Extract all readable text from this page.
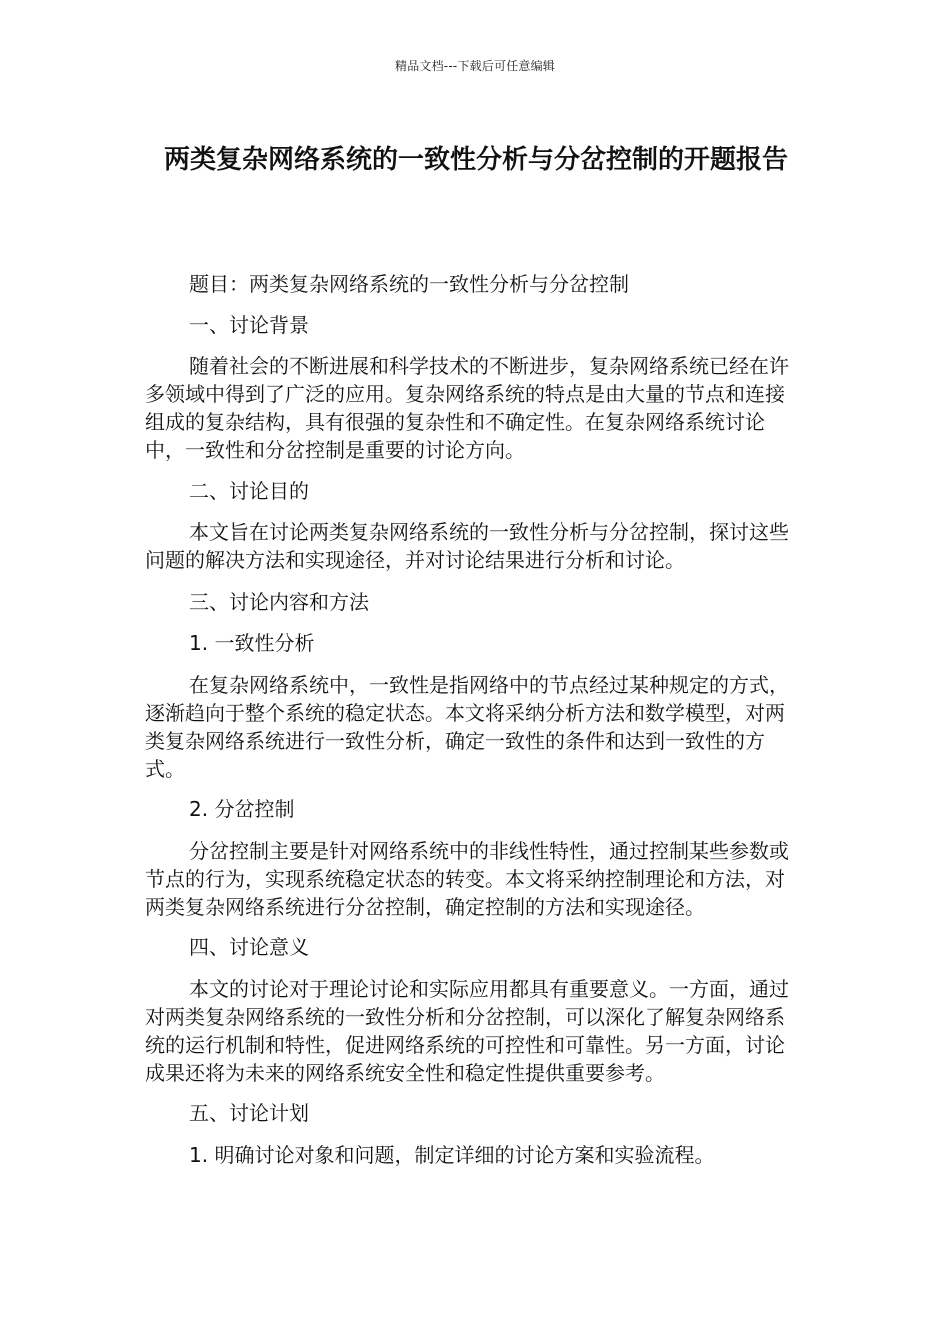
精品文档---下载后可任意编辑
两类复杂网络系统的一致性分析与分岔控制的开题报告

题目：两类复杂网络系统的一致性分析与分岔控制

一、讨论背景

随着社会的不断进展和科学技术的不断进步，复杂网络系统已经在许多领域中得到了广泛的应用。复杂网络系统的特点是由大量的节点和连接组成的复杂结构，具有很强的复杂性和不确定性。在复杂网络系统讨论中，一致性和分岔控制是重要的讨论方向。

二、讨论目的

本文旨在讨论两类复杂网络系统的一致性分析与分岔控制，探讨这些问题的解决方法和实现途径，并对讨论结果进行分析和讨论。

三、讨论内容和方法

1. 一致性分析

在复杂网络系统中，一致性是指网络中的节点经过某种规定的方式，逐渐趋向于整个系统的稳定状态。本文将采纳分析方法和数学模型，对两类复杂网络系统进行一致性分析，确定一致性的条件和达到一致性的方式。

2. 分岔控制

分岔控制主要是针对网络系统中的非线性特性，通过控制某些参数或节点的行为，实现系统稳定状态的转变。本文将采纳控制理论和方法，对两类复杂网络系统进行分岔控制，确定控制的方法和实现途径。

四、讨论意义

本文的讨论对于理论讨论和实际应用都具有重要意义。一方面，通过对两类复杂网络系统的一致性分析和分岔控制，可以深化了解复杂网络系统的运行机制和特性，促进网络系统的可控性和可靠性。另一方面，讨论成果还将为未来的网络系统安全性和稳定性提供重要参考。

五、讨论计划

1. 明确讨论对象和问题，制定详细的讨论方案和实验流程。
